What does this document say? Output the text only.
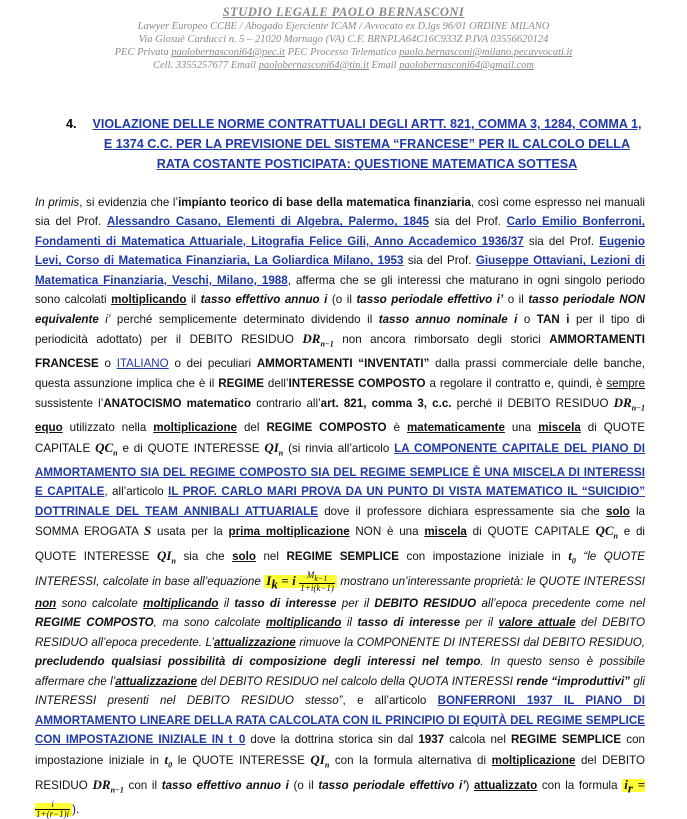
STUDIO LEGALE PAOLO BERNASCONI
Lawyer Europeo CCBE / Abogado Ejerciente ICAM / Avvocato ex D.lgs 96/01 ORDINE MILANO
Via Giosuè Carducci n. 5 – 21020 Mornago (VA) C.F. BRNPLA64C16C933Z P.IVA 03556620124
PEC Privata paolobernasconi64@pec.it PEC Processo Telematico paolo.bernasconi@milano.pecavvocati.it
Cell. 3355257677 Email paolobernasconi64@tin.it Email paolobernasconi64@gmail.com
4.	VIOLAZIONE DELLE NORME CONTRATTUALI DEGLI ARTT. 821, COMMA 3, 1284, COMMA 1, E 1374 C.C. PER LA PREVISIONE DEL SISTEMA “FRANCESE” PER IL CALCOLO DELLA RATA COSTANTE POSTICIPATA: QUESTIONE MATEMATICA SOTTESA
In primis, si evidenzia che l’impianto teorico di base della matematica finanziaria, così come espresso nei manuali sia del Prof. Alessandro Casano, Elementi di Algebra, Palermo, 1845 sia del Prof. Carlo Emilio Bonferroni, Fondamenti di Matematica Attuariale, Litografia Felice Gili, Anno Accademico 1936/37 sia del Prof. Eugenio Levi, Corso di Matematica Finanziaria, La Goliardica Milano, 1953 sia del Prof. Giuseppe Ottaviani, Lezioni di Matematica Finanziaria, Veschi, Milano, 1988, afferma che se gli interessi che maturano in ogni singolo periodo sono calcolati moltiplicando il tasso effettivo annuo i (o il tasso periodale effettivo i’ o il tasso periodale NON equivalente i’ perché semplicemente determinato dividendo il tasso annuo nominale i o TAN i per il tipo di periodicità adottato) per il DEBITO RESIDUO $DR_{n-1}$ non ancora rimborsato degli storici AMMORTAMENTI FRANCESE o ITALIANO o dei peculiari AMMORTAMENTI “INVENTATI” dalla prassi commerciale delle banche, questa assunzione implica che è il REGIME dell’INTERESSE COMPOSTO a regolare il contratto e, quindi, è sempre sussistente l’ANATOCISMO matematico contrario all’art. 821, comma 3, c.c. perché il DEBITO RESIDUO $DR_{n-1}$ equo utilizzato nella moltiplicazione del REGIME COMPOSTO è matematicamente una miscela di QUOTE CAPITALE $QC_n$ e di QUOTE INTERESSE $QI_n$ (si rinvia all’articolo LA COMPONENTE CAPITALE DEL PIANO DI AMMORTAMENTO SIA DEL REGIME COMPOSTO SIA DEL REGIME SEMPLICE È UNA MISCELA DI INTERESSI E CAPITALE, all’articolo IL PROF. CARLO MARI PROVA DA UN PUNTO DI VISTA MATEMATICO IL “SUICIDIO” DOTTRINALE DEL TEAM ANNIBALI ATTUARIALE dove il professore dichiara espressamente sia che solo la SOMMA EROGATA S usata per la prima moltiplicazione NON è una miscela di QUOTE CAPITALE $QC_n$ e di QUOTE INTERESSE $QI_n$ sia che solo nel REGIME SEMPLICE con impostazione iniziale in $t_0$ “le QUOTE INTERESSI, calcolate in base all’equazione $I_k = i \frac{M_{k-1}}{1+i(k-1)}$ mostrano un’interessante proprietà: le QUOTE INTERESSI non sono calcolate moltiplicando il tasso di interesse per il DEBITO RESIDUO all’epoca precedente come nel REGIME COMPOSTO, ma sono calcolate moltiplicando il tasso di interesse per il valore attuale del DEBITO RESIDUO all’epoca precedente. L’attualizzazione rimuove la COMPONENTE DI INTERESSI dal DEBITO RESIDUO, precludendo qualsiasi possibilità di composizione degli interessi nel tempo. In questo senso è possibile affermare che l’attualizzazione del DEBITO RESIDUO nel calcolo della QUOTA INTERESSI rende “improduttivi” gli INTERESSI presenti nel DEBITO RESIDUO stesso”, e all’articolo BONFERRONI 1937 IL PIANO DI AMMORTAMENTO LINEARE DELLA RATA CALCOLATA CON IL PRINCIPIO DI EQUITÀ DEL REGIME SEMPLICE CON IMPOSTAZIONE INIZIALE IN t_0 dove la dottrina storica sin dal 1937 calcola nel REGIME SEMPLICE con impostazione iniziale in $t_0$ le QUOTE INTERESSE $QI_n$ con la formula alternativa di moltiplicazione del DEBITO RESIDUO $DR_{n-1}$ con il tasso effettivo annuo i (o il tasso periodale effettivo i’) attualizzato con la formula $i_r$ =
$\frac{i}{1+(r-1)i}$ ).
